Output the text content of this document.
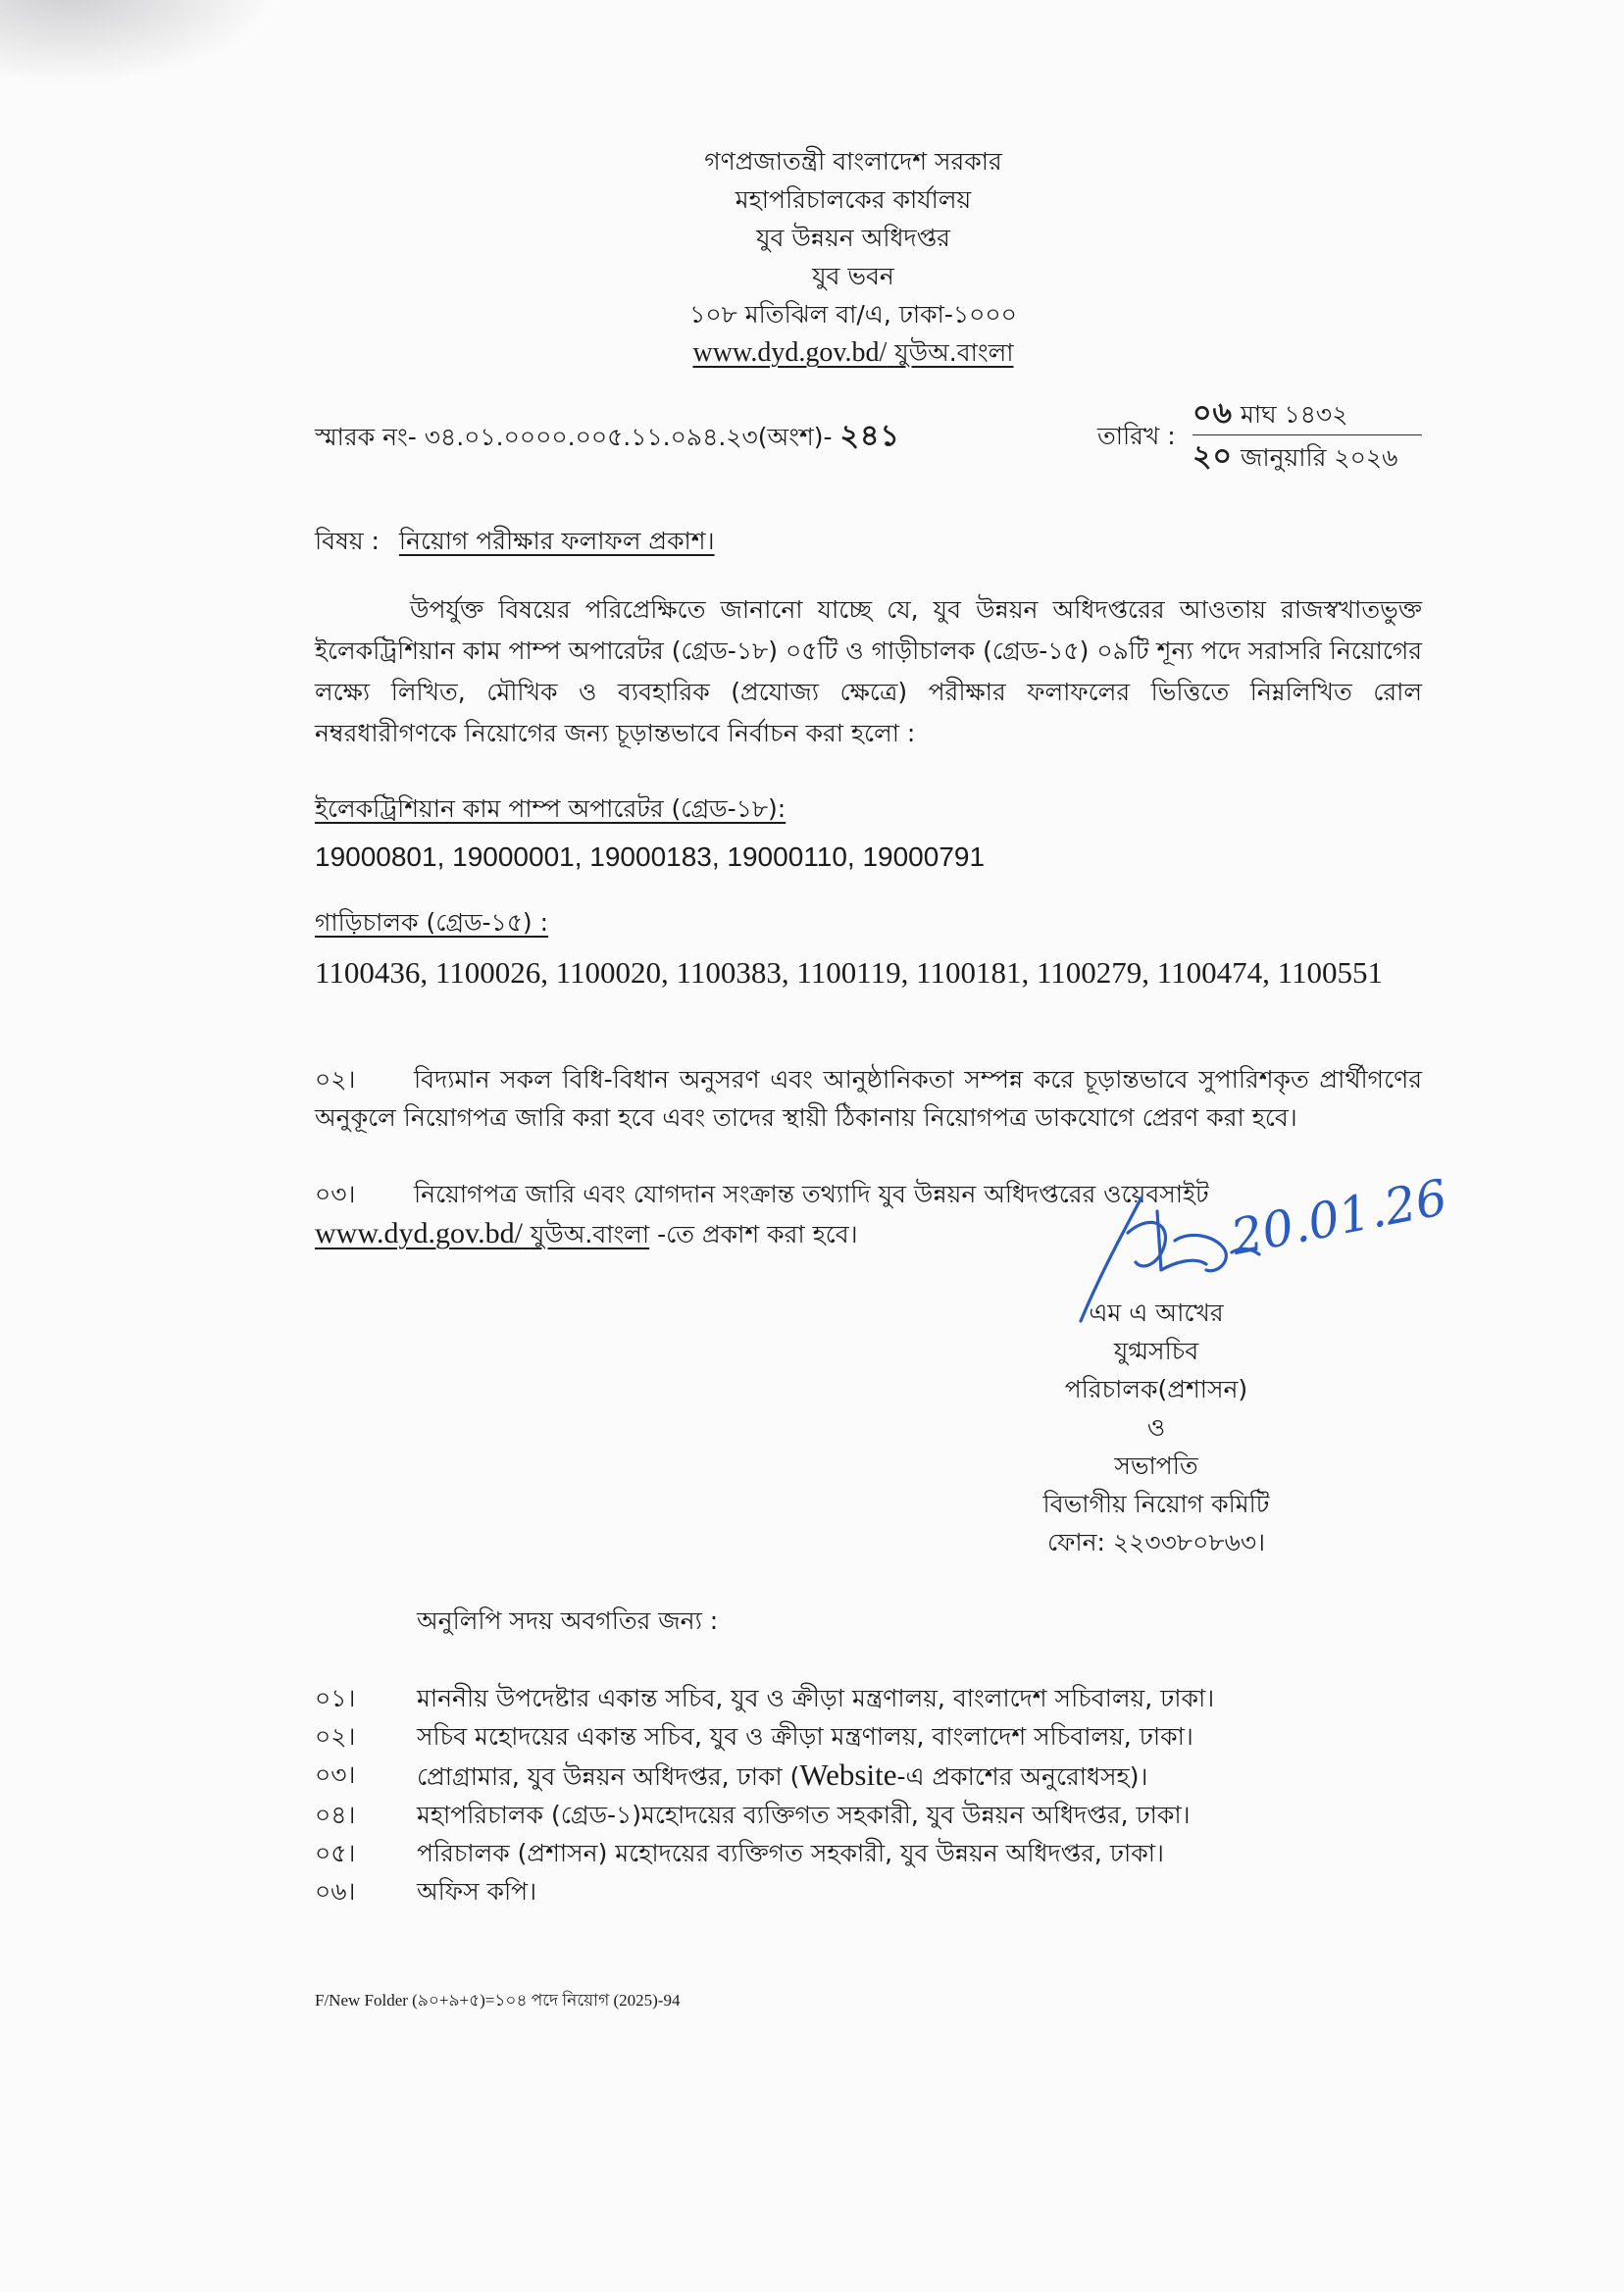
গণপ্রজাতন্ত্রী বাংলাদেশ সরকার
মহাপরিচালকের কার্যালয়
যুব উন্নয়ন অধিদপ্তর
যুব ভবন
১০৮ মতিঝিল বা/এ, ঢাকা-১০০০
www.dyd.gov.bd/ যুউঅ.বাংলা
স্মারক নং- ৩৪.০১.০০০০.০০৫.১১.০৯৪.২৩(অংশ)- ২৪১	তারিখ :
০৬ মাঘ ১৪৩২
২০ জানুয়ারি ২০২৬
বিষয় : নিয়োগ পরীক্ষার ফলাফল প্রকাশ।
উপর্যুক্ত বিষয়ের পরিপ্রেক্ষিতে জানানো যাচ্ছে যে, যুব উন্নয়ন অধিদপ্তরের আওতায় রাজস্বখাতভুক্ত ইলেকট্রিশিয়ান কাম পাম্প অপারেটর (গ্রেড-১৮) ০৫টি ও গাড়ীচালক (গ্রেড-১৫) ০৯টি শূন্য পদে সরাসরি নিয়োগের লক্ষ্যে লিখিত, মৌখিক ও ব্যবহারিক (প্রযোজ্য ক্ষেত্রে) পরীক্ষার ফলাফলের ভিত্তিতে নিম্নলিখিত রোল নম্বরধারীগণকে নিয়োগের জন্য চূড়ান্তভাবে নির্বাচন করা হলো :
ইলেকট্রিশিয়ান কাম পাম্প অপারেটর (গ্রেড-১৮):
19000801, 19000001, 19000183, 19000110, 19000791
গাড়িচালক (গ্রেড-১৫) :
1100436, 1100026, 1100020, 1100383, 1100119, 1100181, 1100279, 1100474, 1100551
০২। বিদ্যমান সকল বিধি-বিধান অনুসরণ এবং আনুষ্ঠানিকতা সম্পন্ন করে চূড়ান্তভাবে সুপারিশকৃত প্রার্থীগণের অনুকূলে নিয়োগপত্র জারি করা হবে এবং তাদের স্থায়ী ঠিকানায় নিয়োগপত্র ডাকযোগে প্রেরণ করা হবে।
০৩। নিয়োগপত্র জারি এবং যোগদান সংক্রান্ত তথ্যাদি যুব উন্নয়ন অধিদপ্তরের ওয়েবসাইট
www.dyd.gov.bd/ যুউঅ.বাংলা -তে প্রকাশ করা হবে।	20.01.26
এম এ আখের
যুগ্মসচিব
পরিচালক(প্রশাসন)
ও
সভাপতি
বিভাগীয় নিয়োগ কমিটি
ফোন: ২২৩৩৮০৮৬৩।
অনুলিপি সদয় অবগতির জন্য :
০১।	মাননীয় উপদেষ্টার একান্ত সচিব, যুব ও ক্রীড়া মন্ত্রণালয়, বাংলাদেশ সচিবালয়, ঢাকা।
০২।	সচিব মহোদয়ের একান্ত সচিব, যুব ও ক্রীড়া মন্ত্রণালয়, বাংলাদেশ সচিবালয়, ঢাকা।
০৩।	প্রোগ্রামার, যুব উন্নয়ন অধিদপ্তর, ঢাকা (Website-এ প্রকাশের অনুরোধসহ)।
০৪।	মহাপরিচালক (গ্রেড-১)মহোদয়ের ব্যক্তিগত সহকারী, যুব উন্নয়ন অধিদপ্তর, ঢাকা।
০৫।	পরিচালক (প্রশাসন) মহোদয়ের ব্যক্তিগত সহকারী, যুব উন্নয়ন অধিদপ্তর, ঢাকা।
০৬।	অফিস কপি।
F/New Folder (৯০+৯+৫)=১০৪ পদে নিয়োগ (2025)-94
